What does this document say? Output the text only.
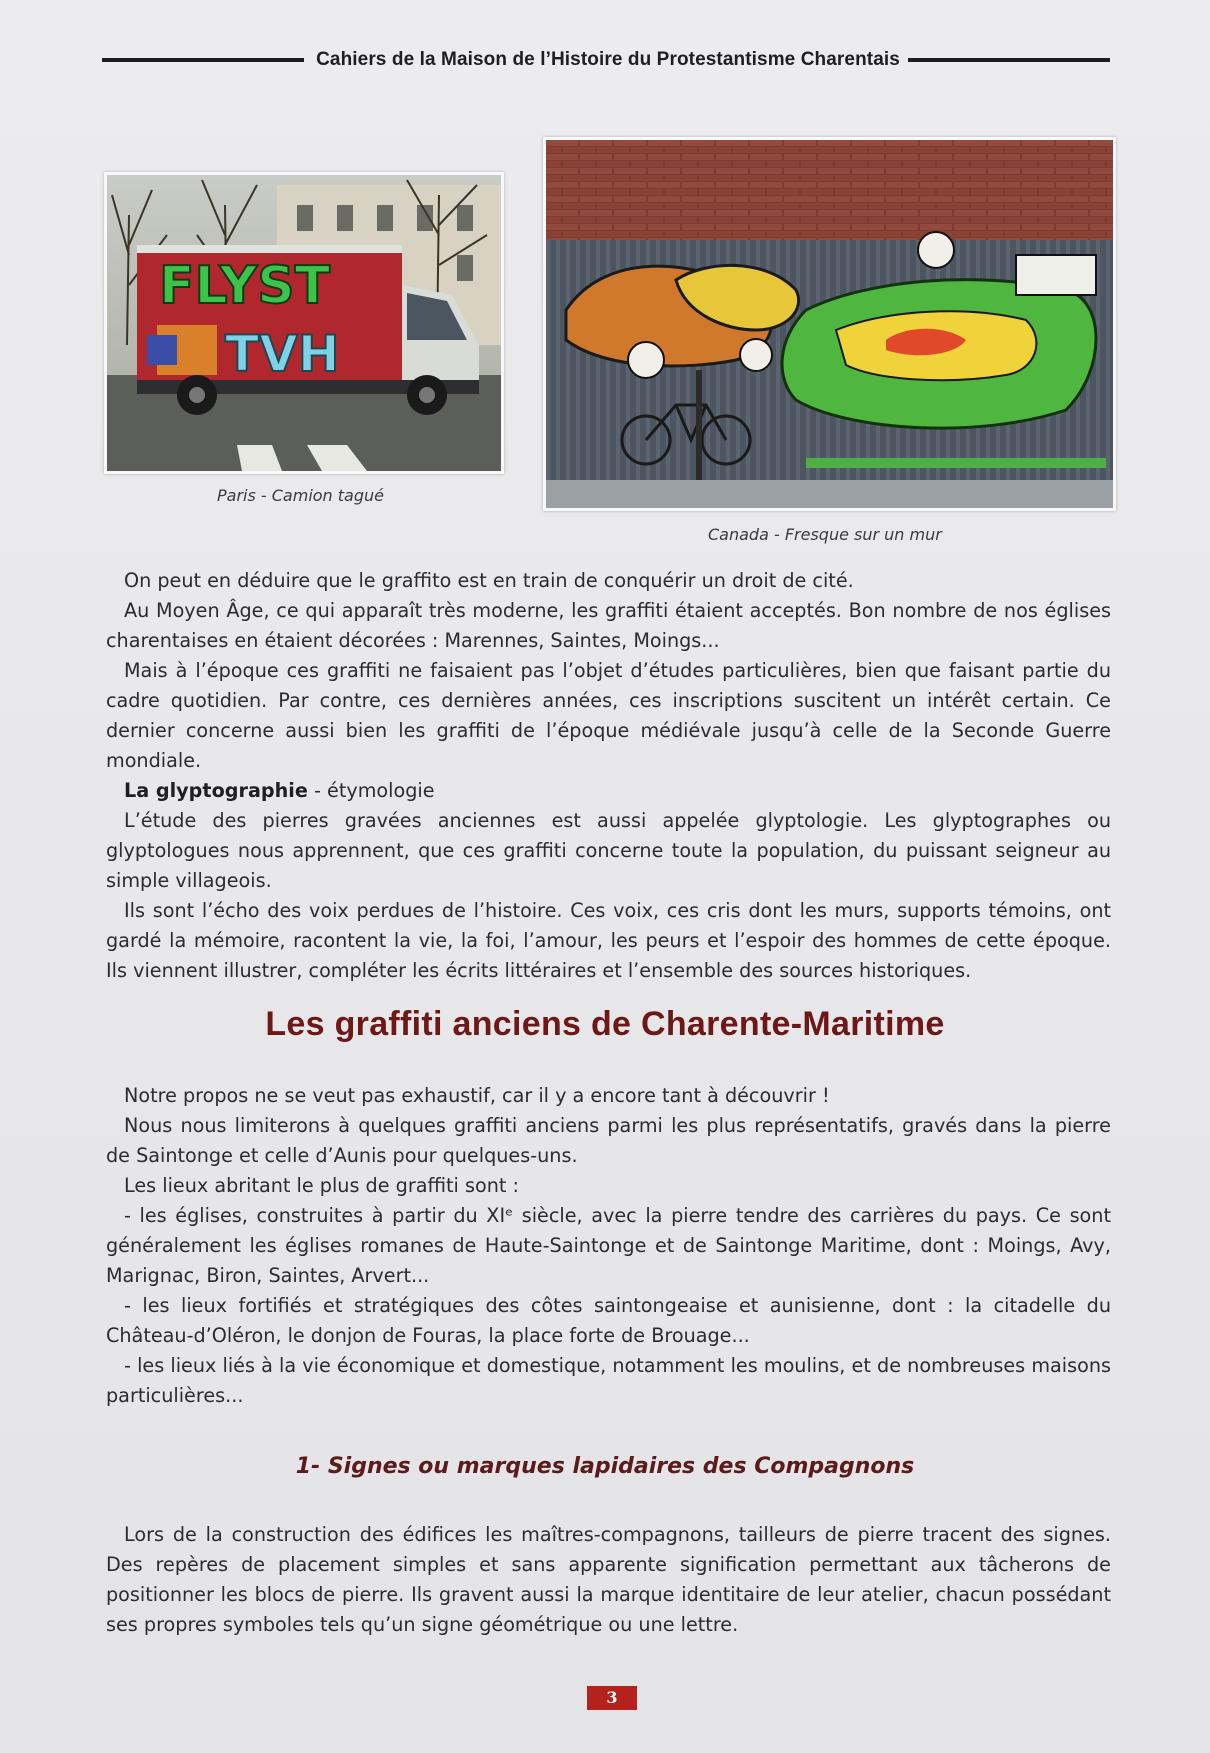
Cahiers de la Maison de l’Histoire du Protestantisme Charentais
FLYST
TVH
Paris - Camion tagué
Canada - Fresque sur un mur

On peut en déduire que le graffito est en train de conquérir un droit de cité.

Au Moyen Âge, ce qui apparaît très moderne, les graffiti étaient acceptés. Bon nombre de nos églises charentaises en étaient décorées : Marennes, Saintes, Moings...

Mais à l’époque ces graffiti ne faisaient pas l’objet d’études particulières, bien que faisant partie du cadre quotidien. Par contre, ces dernières années, ces inscriptions suscitent un intérêt certain. Ce dernier concerne aussi bien les graffiti de l’époque médiévale jusqu’à celle de la Seconde Guerre mondiale.

La glyptographie - étymologie

L’étude des pierres gravées anciennes est aussi appelée glyptologie. Les glyptographes ou glyptologues nous apprennent, que ces graffiti concerne toute la population, du puissant seigneur au simple villageois.

Ils sont l’écho des voix perdues de l’histoire. Ces voix, ces cris dont les murs, supports témoins, ont gardé la mémoire, racontent la vie, la foi, l’amour, les peurs et l’espoir des hommes de cette époque. Ils viennent illustrer, compléter les écrits littéraires et l’ensemble des sources historiques.

Les graffiti anciens de Charente-Maritime

Notre propos ne se veut pas exhaustif, car il y a encore tant à découvrir !

Nous nous limiterons à quelques graffiti anciens parmi les plus représentatifs, gravés dans la pierre de Saintonge et celle d’Aunis pour quelques-uns.

Les lieux abritant le plus de graffiti sont :

- les églises, construites à partir du XIᵉ siècle, avec la pierre tendre des carrières du pays. Ce sont généralement les églises romanes de Haute-Saintonge et de Saintonge Maritime, dont : Moings, Avy, Marignac, Biron, Saintes, Arvert...

- les lieux fortifiés et stratégiques des côtes saintongeaise et aunisienne, dont : la citadelle du Château-d’Oléron, le donjon de Fouras, la place forte de Brouage...

- les lieux liés à la vie économique et domestique, notamment les moulins, et de nombreuses maisons particulières...

1- Signes ou marques lapidaires des Compagnons

Lors de la construction des édifices les maîtres-compagnons, tailleurs de pierre tracent des signes. Des repères de placement simples et sans apparente signification permettant aux tâcherons de positionner les blocs de pierre. Ils gravent aussi la marque identitaire de leur atelier, chacun possédant ses propres symboles tels qu’un signe géométrique ou une lettre.

3
